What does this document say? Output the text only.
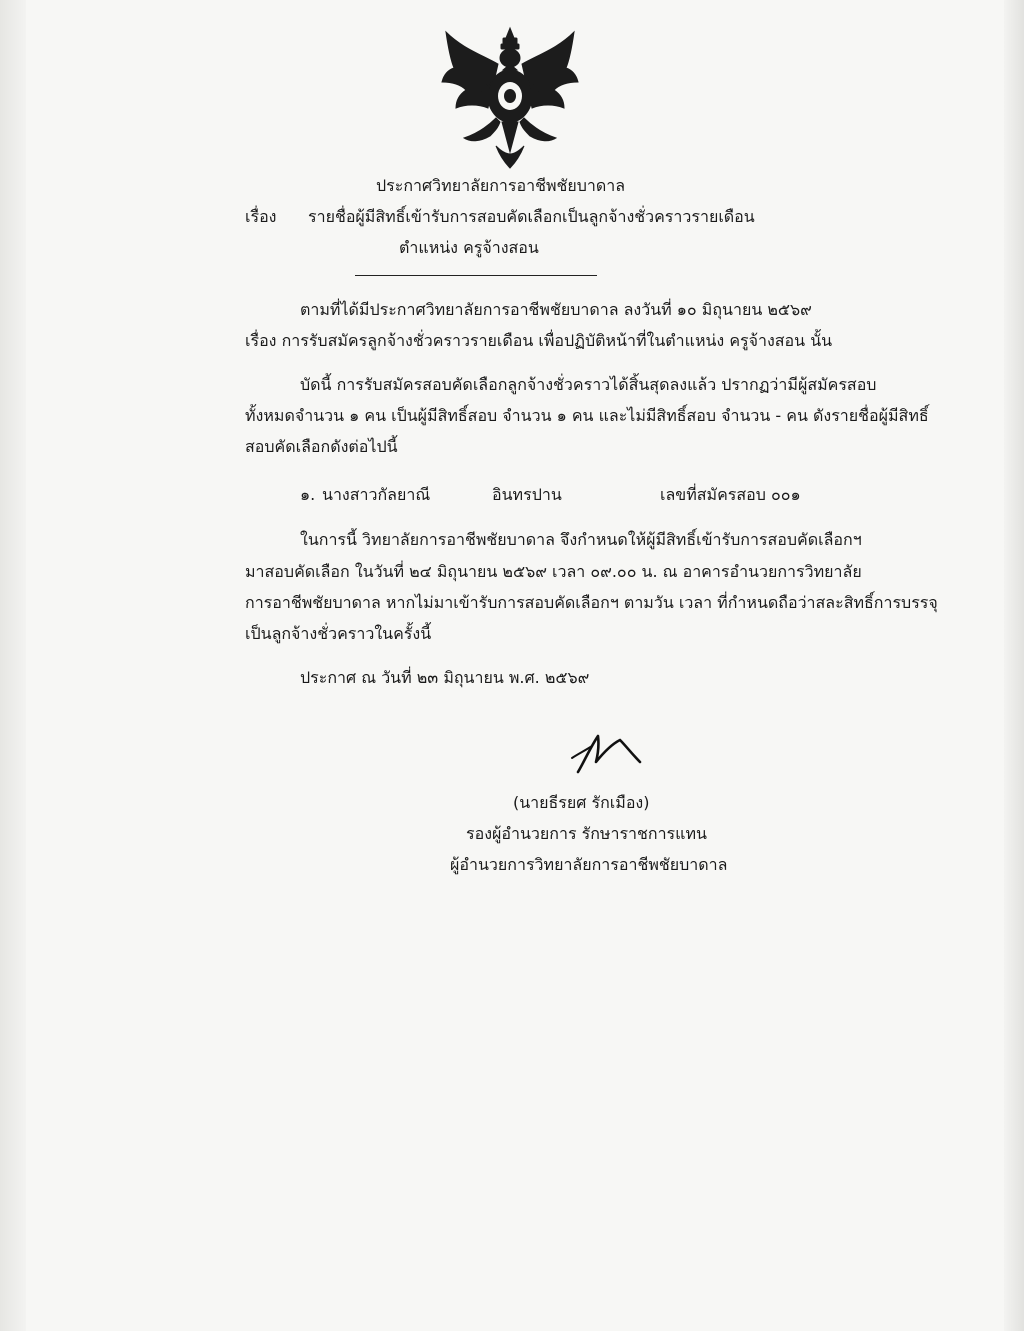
ประกาศวิทยาลัยการอาชีพชัยบาดาล
เรื่อง รายชื่อผู้มีสิทธิ์เข้ารับการสอบคัดเลือกเป็นลูกจ้างชั่วคราวรายเดือน
ตำแหน่ง ครูจ้างสอน
ตามที่ได้มีประกาศวิทยาลัยการอาชีพชัยบาดาล ลงวันที่ ๑๐ มิถุนายน ๒๕๖๙
เรื่อง การรับสมัครลูกจ้างชั่วคราวรายเดือน เพื่อปฏิบัติหน้าที่ในตำแหน่ง ครูจ้างสอน นั้น
บัดนี้ การรับสมัครสอบคัดเลือกลูกจ้างชั่วคราวได้สิ้นสุดลงแล้ว ปรากฏว่ามีผู้สมัครสอบ
ทั้งหมดจำนวน ๑ คน เป็นผู้มีสิทธิ์สอบ จำนวน ๑ คน และไม่มีสิทธิ์สอบ จำนวน - คน ดังรายชื่อผู้มีสิทธิ์
สอบคัดเลือกดังต่อไปนี้
๑. นางสาวกัลยาณี	อินทรปาน	เลขที่สมัครสอบ ๐๐๑
ในการนี้ วิทยาลัยการอาชีพชัยบาดาล จึงกำหนดให้ผู้มีสิทธิ์เข้ารับการสอบคัดเลือกฯ
มาสอบคัดเลือก ในวันที่ ๒๔ มิถุนายน ๒๕๖๙ เวลา ๐๙.๐๐ น. ณ อาคารอำนวยการวิทยาลัย
การอาชีพชัยบาดาล หากไม่มาเข้ารับการสอบคัดเลือกฯ ตามวัน เวลา ที่กำหนดถือว่าสละสิทธิ์การบรรจุ
เป็นลูกจ้างชั่วคราวในครั้งนี้
ประกาศ ณ วันที่ ๒๓ มิถุนายน พ.ศ. ๒๕๖๙
(นายธีรยศ รักเมือง)
รองผู้อำนวยการ รักษาราชการแทน
ผู้อำนวยการวิทยาลัยการอาชีพชัยบาดาล
